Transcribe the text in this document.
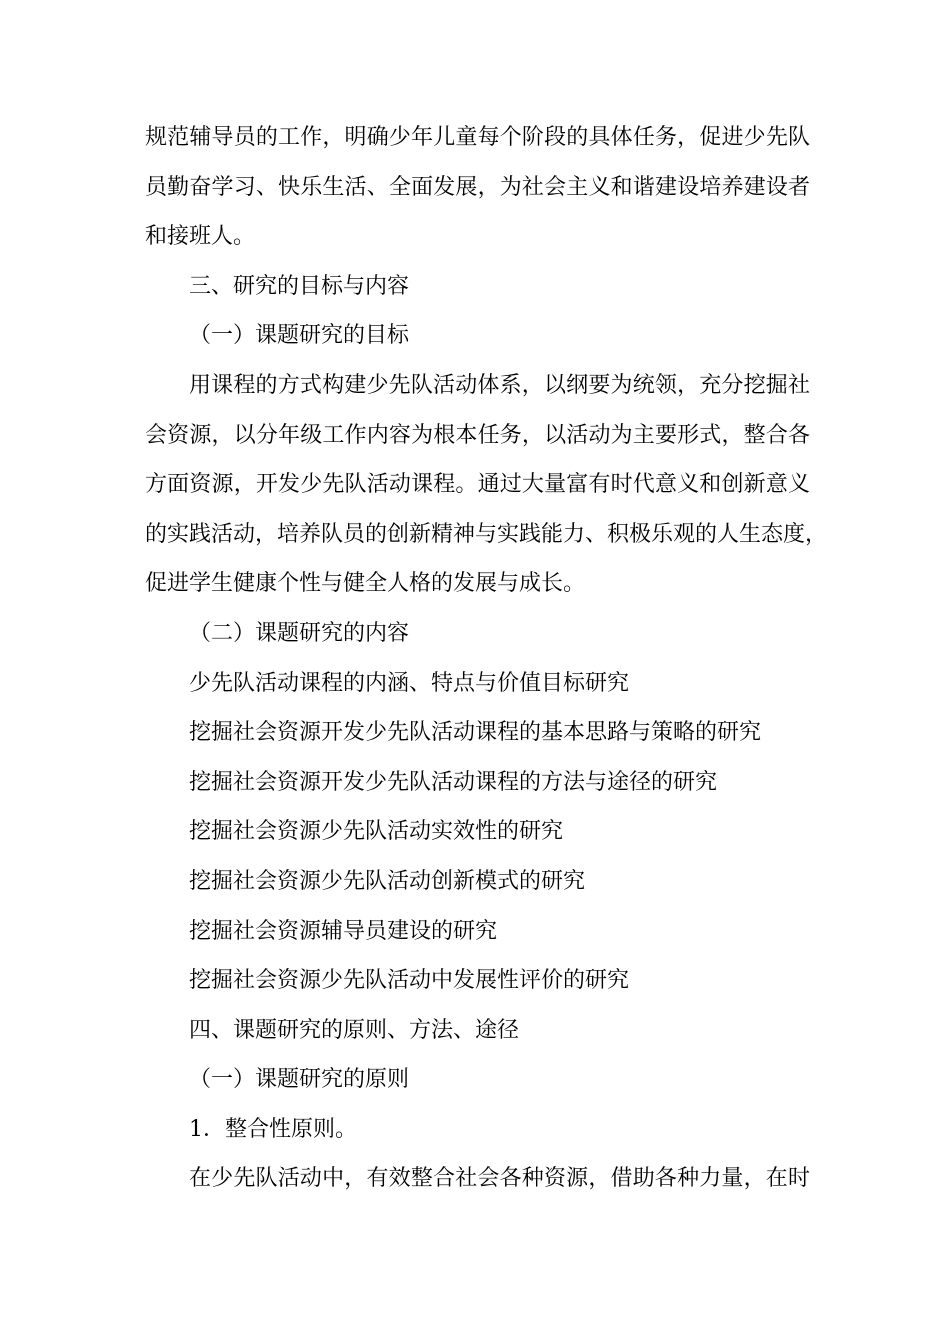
规范辅导员的工作，明确少年儿童每个阶段的具体任务，促进少先队
员勤奋学习、快乐生活、全面发展，为社会主义和谐建设培养建设者
和接班人。
三、研究的目标与内容
（一）课题研究的目标
用课程的方式构建少先队活动体系，以纲要为统领，充分挖掘社
会资源，以分年级工作内容为根本任务，以活动为主要形式，整合各
方面资源，开发少先队活动课程。通过大量富有时代意义和创新意义
的实践活动，培养队员的创新精神与实践能力、积极乐观的人生态度，
促进学生健康个性与健全人格的发展与成长。
（二）课题研究的内容
少先队活动课程的内涵、特点与价值目标研究
挖掘社会资源开发少先队活动课程的基本思路与策略的研究
挖掘社会资源开发少先队活动课程的方法与途径的研究
挖掘社会资源少先队活动实效性的研究
挖掘社会资源少先队活动创新模式的研究
挖掘社会资源辅导员建设的研究
挖掘社会资源少先队活动中发展性评价的研究
四、课题研究的原则、方法、途径
（一）课题研究的原则
1．整合性原则。
在少先队活动中，有效整合社会各种资源，借助各种力量，在时
